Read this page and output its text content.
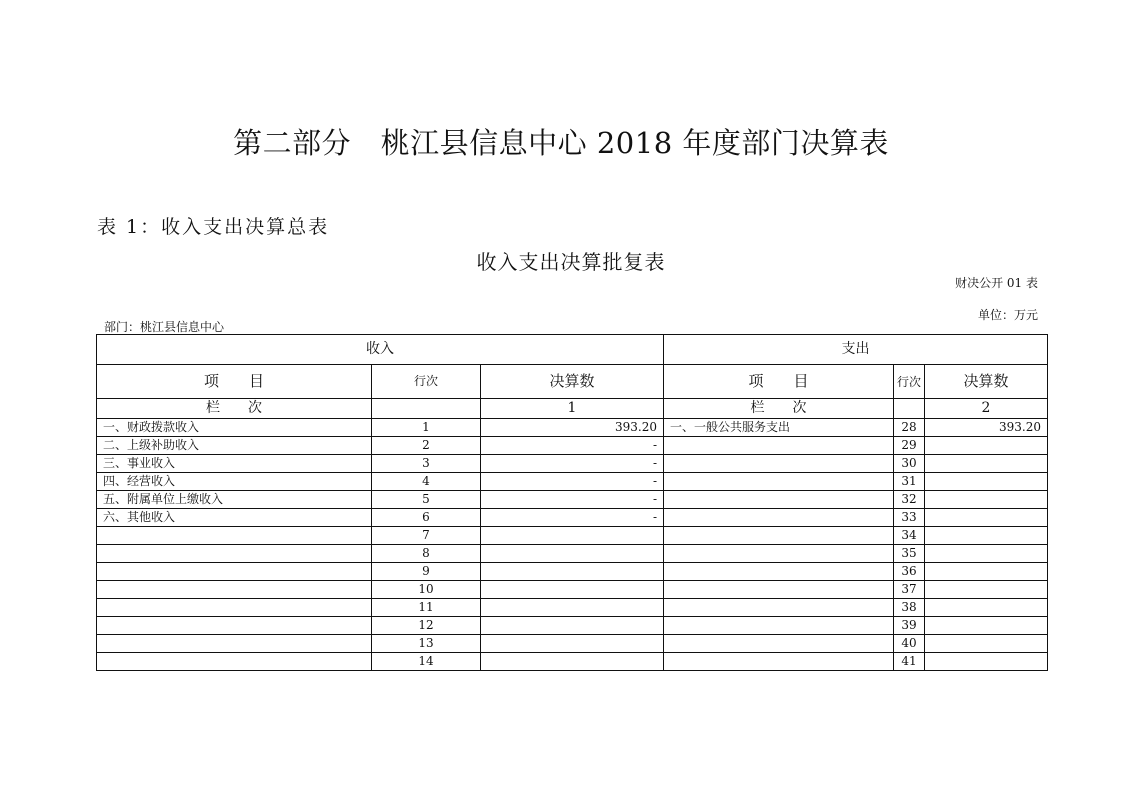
第二部分　桃江县信息中心 2018 年度部门决算表
表 1：收入支出决算总表
收入支出决算批复表
财决公开 01 表
单位：万元
部门：桃江县信息中心
收入			支出		
项　　目	行次	决算数	项　　目	行次	决算数
栏　　次		1	栏　　次		2
一、财政拨款收入	1	393.20	一、一般公共服务支出	28	393.20
二、上级补助收入	2	-		29	
三、事业收入	3	-		30	
四、经营收入	4	-		31	
五、附属单位上缴收入	5	-		32	
六、其他收入	6	-		33	
	7			34	
	8			35	
	9			36	
	10			37	
	11			38	
	12			39	
	13			40	
	14			41	
